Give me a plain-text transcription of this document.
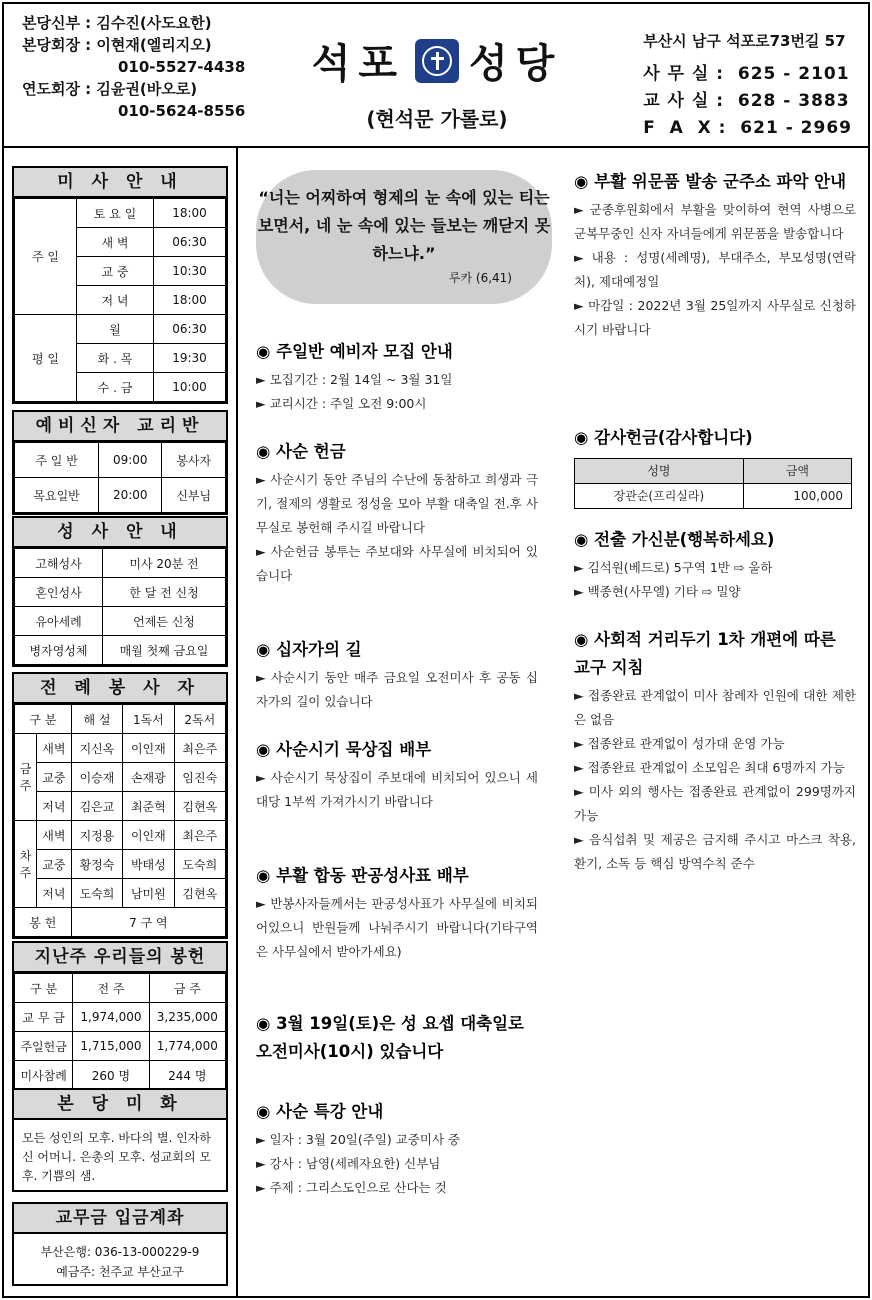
본당신부 : 김수진(사도요한)
본당회장 : 이현재(엘리지오)
010-5527-4438
연도회장 : 김윤권(바오로)
010-5624-8556
석포 성당
(현석문 가롤로)
부산시 남구 석포로73번길 57
사 무 실 :  625 - 2101
교 사 실 :  628 - 3883
F  A  X :  621 - 2969
미 사 안 내
주 일	토 요 일	18:00
	새 벽	06:30
	교 중	10:30
	저 녁	18:00
평 일	월	06:30
	화 . 목	19:30
	수 . 금	10:00
예비신자 교리반
주 일 반	09:00	봉사자
목요일반	20:00	신부님
성 사 안 내
고해성사	미사 20분 전
혼인성사	한 달 전 신청
유아세례	언제든 신청
병자영성체	매월 첫째 금요일
전 례 봉 사 자
구 분		해 설	1독서	2독서
금주	새벽	지신옥	이인재	최은주
	교중	이승재	손재광	임진숙
	저녁	김은교	최준혁	김현옥
차주	새벽	지정용	이인재	최은주
	교중	황정숙	박태성	도숙희
	저녁	도숙희	남미원	김현옥
봉 헌		7 구 역		
지난주 우리들의 봉헌
구 분	전 주	금 주
교 무 금	1,974,000	3,235,000
주일헌금	1,715,000	1,774,000
미사참례	260 명	244 명
본 당 미 화
모든 성인의 모후. 바다의 별. 인자하신 어머니. 은총의 모후. 성교회의 모후. 기쁨의 샘.
교무금 입금계좌
부산은행: 036-13-000229-9
예금주: 천주교 부산교구
“너는 어찌하여 형제의 눈 속에 있는 티는 보면서, 네 눈 속에 있는 들보는 깨닫지 못하느냐.”
루카 (6,41)
◉ 주일반 예비자 모집 안내

► 모집기간 : 2월 14일 ~ 3월 31일

► 교리시간 : 주일 오전 9:00시

◉ 사순 헌금

► 사순시기 동안 주님의 수난에 동참하고 희생과 극기, 절제의 생활로 정성을 모아 부활 대축일 전.후 사무실로 봉헌해 주시길 바랍니다

► 사순헌금 봉투는 주보대와 사무실에 비치되어 있습니다

◉ 십자가의 길

► 사순시기 동안 매주 금요일 오전미사 후 공동 십자가의 길이 있습니다

◉ 사순시기 묵상집 배부

► 사순시기 묵상집이 주보대에 비치되어 있으니 세대당 1부씩 가져가시기 바랍니다

◉ 부활 합동 판공성사표 배부

► 반봉사자들께서는 판공성사표가 사무실에 비치되어있으니 반원들께 나눠주시기 바랍니다(기타구역은 사무실에서 받아가세요)

◉ 3월 19일(토)은 성 요셉 대축일로 오전미사(10시) 있습니다
◉ 사순 특강 안내

► 일자 : 3월 20일(주일) 교중미사 중

► 강사 : 남영(세례자요한) 신부님

► 주제 : 그리스도인으로 산다는 것

◉ 부활 위문품 발송 군주소 파악 안내

► 군종후원회에서 부활을 맞이하여 현역 사병으로 군복무중인 신자 자녀들에게 위문품을 발송합니다

► 내용 : 성명(세례명), 부대주소, 부모성명(연락처), 제대예정일

► 마감일 : 2022년 3월 25일까지 사무실로 신청하시기 바랍니다

◉ 감사헌금(감사합니다)
성명	금액
장관순(프리실라)	100,000
◉ 전출 가신분(행복하세요)

► 김석원(베드로) 5구역 1반 ⇨ 울하

► 백종현(사무엘) 기타 ⇨ 밀양

◉ 사회적 거리두기 1차 개편에 따른 교구 지침

► 접종완료 관계없이 미사 참례자 인원에 대한 제한은 없음

► 접종완료 관계없이 성가대 운영 가능

► 접종완료 관계없이 소모임은 최대 6명까지 가능

► 미사 외의 행사는 접종완료 관계없이 299명까지 가능

► 음식섭취 및 제공은 금지해 주시고 마스크 착용, 환기, 소독 등 핵심 방역수칙 준수
